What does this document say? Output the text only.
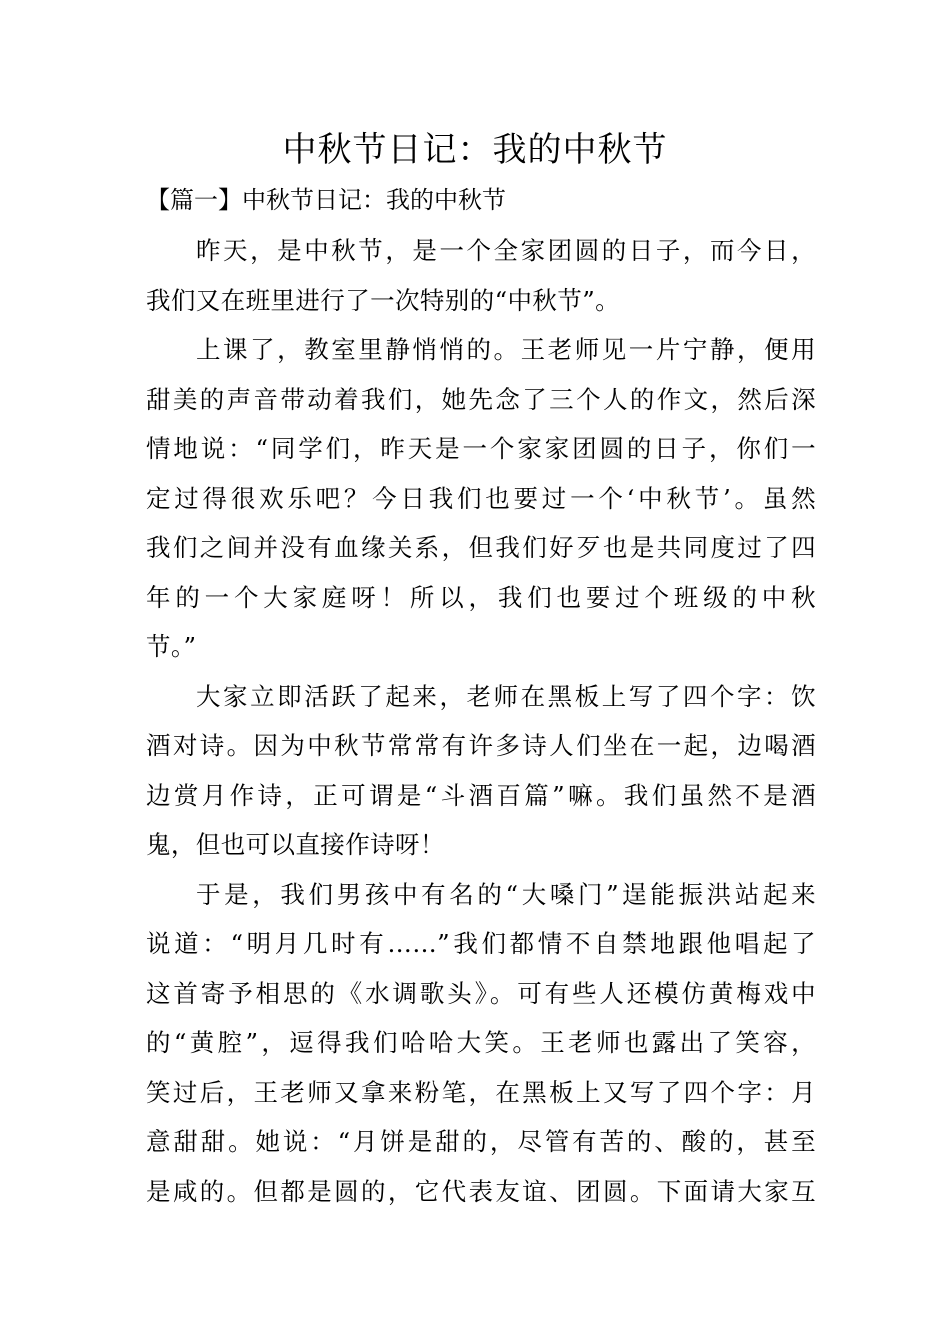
中秋节日记：我的中秋节
【篇一】中秋节日记：我的中秋节
昨天，是中秋节，是一个全家团圆的日子，而今日，
我们又在班里进行了一次特别的“中秋节”。
上课了，教室里静悄悄的。王老师见一片宁静，便用
甜美的声音带动着我们，她先念了三个人的作文，然后深
情地说：“同学们，昨天是一个家家团圆的日子，你们一
定过得很欢乐吧？今日我们也要过一个‘中秋节’。虽然
我们之间并没有血缘关系，但我们好歹也是共同度过了四
年的一个大家庭呀！所以，我们也要过个班级的中秋
节。”
大家立即活跃了起来，老师在黑板上写了四个字：饮
酒对诗。因为中秋节常常有许多诗人们坐在一起，边喝酒
边赏月作诗，正可谓是“斗酒百篇”嘛。我们虽然不是酒
鬼，但也可以直接作诗呀！
于是，我们男孩中有名的“大嗓门”逞能振洪站起来
说道：“明月几时有……”我们都情不自禁地跟他唱起了
这首寄予相思的《水调歌头》。可有些人还模仿黄梅戏中
的“黄腔”，逗得我们哈哈大笑。王老师也露出了笑容，
笑过后，王老师又拿来粉笔，在黑板上又写了四个字：月
意甜甜。她说：“月饼是甜的，尽管有苦的、酸的，甚至
是咸的。但都是圆的，它代表友谊、团圆。下面请大家互
